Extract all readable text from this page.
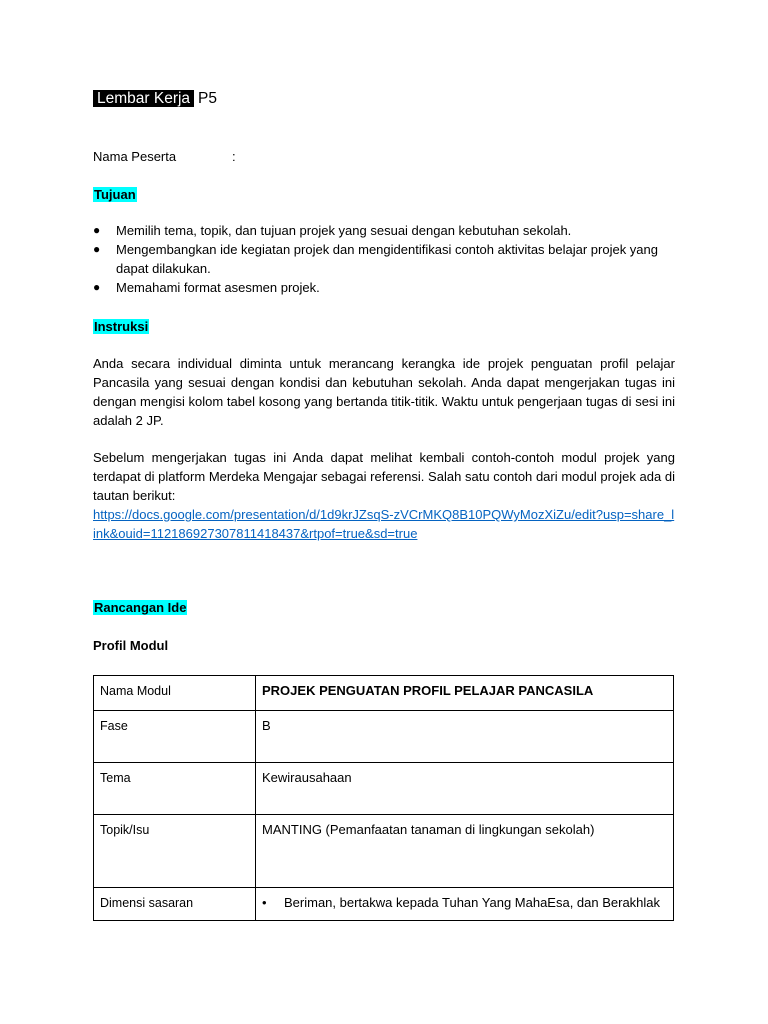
Lembar Kerja P5
Nama Peserta	:
Tujuan
● Memilih tema, topik, dan tujuan projek yang sesuai dengan kebutuhan sekolah.
● Mengembangkan ide kegiatan projek dan mengidentifikasi contoh aktivitas belajar projek yang dapat dilakukan.
● Memahami format asesmen projek.
Instruksi
Anda secara individual diminta untuk merancang kerangka ide projek penguatan profil pelajar Pancasila yang sesuai dengan kondisi dan kebutuhan sekolah. Anda dapat mengerjakan tugas ini dengan mengisi kolom tabel kosong yang bertanda titik-titik. Waktu untuk pengerjaan tugas di sesi ini adalah 2 JP.
Sebelum mengerjakan tugas ini Anda dapat melihat kembali contoh-contoh modul projek yang terdapat di platform Merdeka Mengajar sebagai referensi. Salah satu contoh dari modul projek ada di tautan berikut:
https://docs.google.com/presentation/d/1d9krJZsqS-zVCrMKQ8B10PQWyMozXiZu/edit?usp=share_link&ouid=112186927307811418437&rtpof=true&sd=true
Rancangan Ide
Profil Modul
Nama Modul	PROJEK PENGUATAN PROFIL PELAJAR PANCASILA
Fase	B
Tema	Kewirausahaan
Topik/Isu	MANTING (Pemanfaatan tanaman di lingkungan sekolah)
Dimensi sasaran	• Beriman, bertakwa kepada Tuhan Yang MahaEsa, dan Berakhlak
